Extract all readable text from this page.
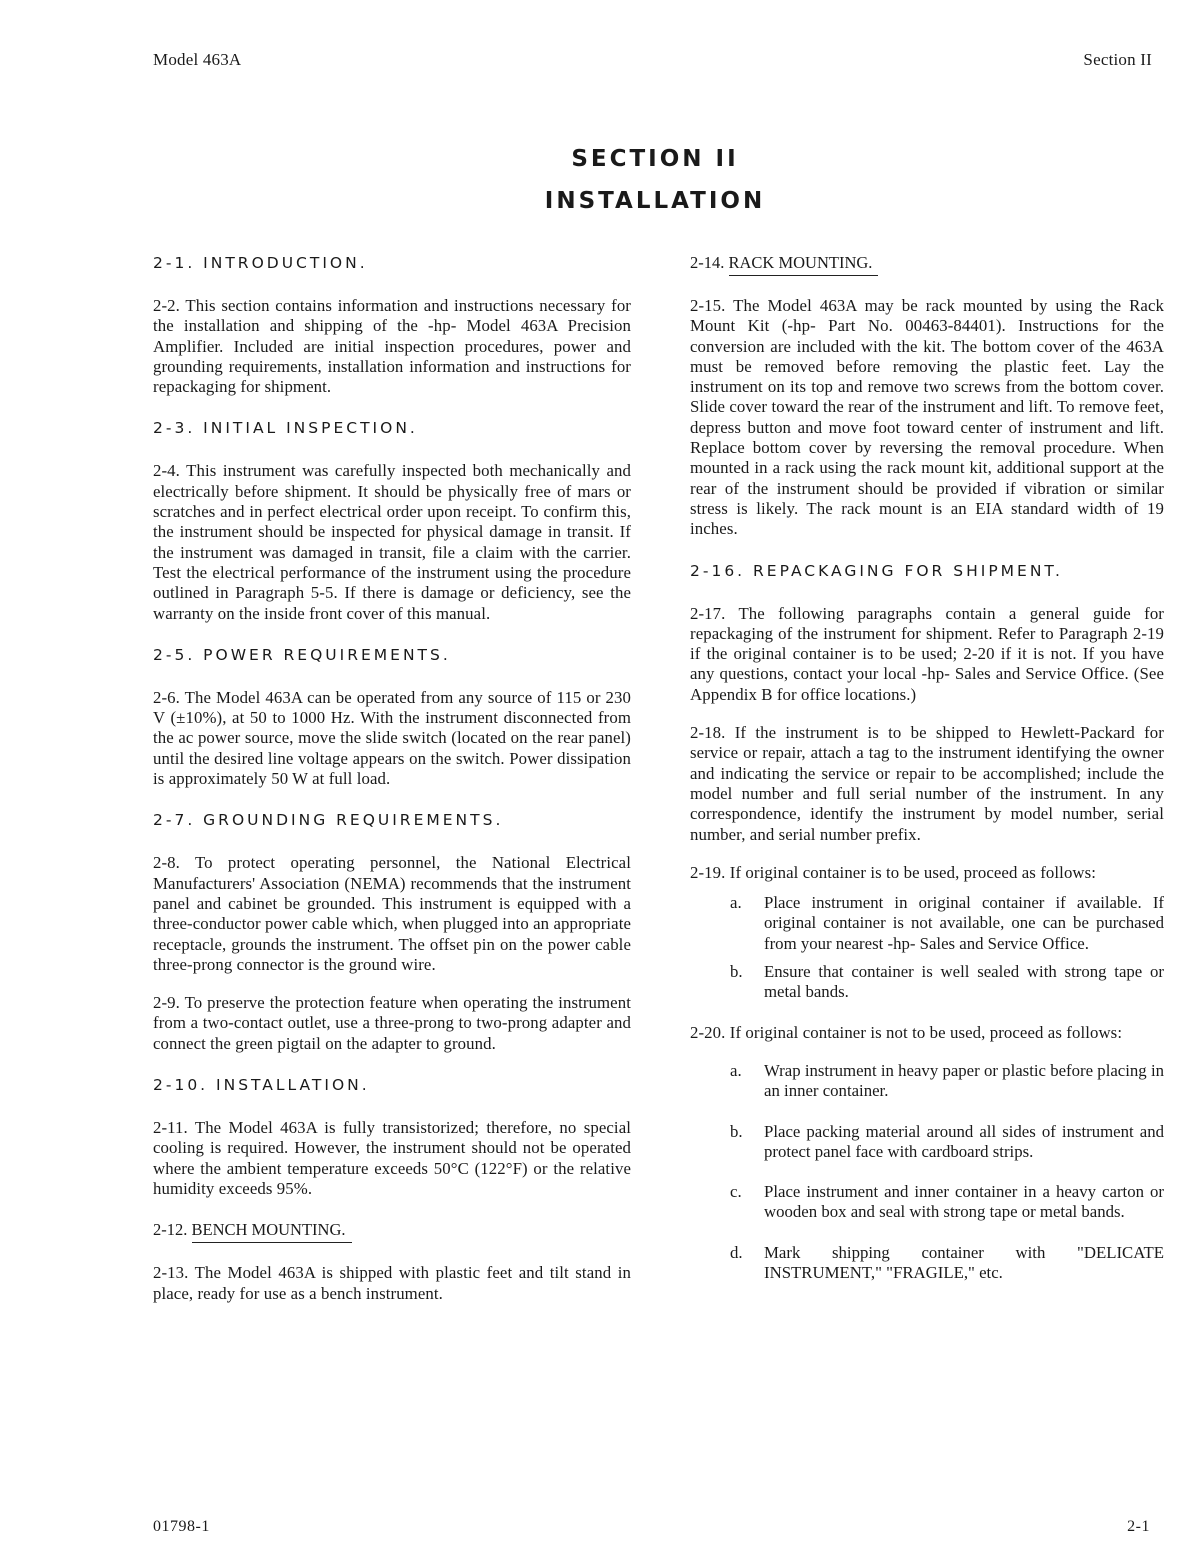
Model 463A	Section II
SECTION II
INSTALLATION
2-1. INTRODUCTION.

2-2. This section contains information and instructions necessary for the installation and shipping of the -hp- Model 463A Precision Amplifier. Included are initial inspection procedures, power and grounding requirements, installation information and instructions for repackaging for shipment.

2-3. INITIAL INSPECTION.

2-4. This instrument was carefully inspected both mechanically and electrically before shipment. It should be physically free of mars or scratches and in perfect electrical order upon receipt. To confirm this, the instrument should be inspected for physical damage in transit. If the instrument was damaged in transit, file a claim with the carrier. Test the electrical performance of the instrument using the procedure outlined in Paragraph 5-5. If there is damage or deficiency, see the warranty on the inside front cover of this manual.

2-5. POWER REQUIREMENTS.

2-6. The Model 463A can be operated from any source of 115 or 230 V (±10%), at 50 to 1000 Hz. With the instrument disconnected from the ac power source, move the slide switch (located on the rear panel) until the desired line voltage appears on the switch. Power dissipation is approximately 50 W at full load.

2-7. GROUNDING REQUIREMENTS.

2-8. To protect operating personnel, the National Electrical Manufacturers' Association (NEMA) recommends that the instrument panel and cabinet be grounded. This instrument is equipped with a three-conductor power cable which, when plugged into an appropriate receptacle, grounds the instrument. The offset pin on the power cable three-prong connector is the ground wire.

2-9. To preserve the protection feature when operating the instrument from a two-contact outlet, use a three-prong to two-prong adapter and connect the green pigtail on the adapter to ground.

2-10. INSTALLATION.

2-11. The Model 463A is fully transistorized; therefore, no special cooling is required. However, the instrument should not be operated where the ambient temperature exceeds 50°C (122°F) or the relative humidity exceeds 95%.

2-12. BENCH MOUNTING.

2-13. The Model 463A is shipped with plastic feet and tilt stand in place, ready for use as a bench instrument.

2-14. RACK MOUNTING.

2-15. The Model 463A may be rack mounted by using the Rack Mount Kit (-hp- Part No. 00463-84401). Instructions for the conversion are included with the kit. The bottom cover of the 463A must be removed before removing the plastic feet. Lay the instrument on its top and remove two screws from the bottom cover. Slide cover toward the rear of the instrument and lift. To remove feet, depress button and move foot toward center of instrument and lift. Replace bottom cover by reversing the removal procedure. When mounted in a rack using the rack mount kit, additional support at the rear of the instrument should be provided if vibration or similar stress is likely. The rack mount is an EIA standard width of 19 inches.

2-16. REPACKAGING FOR SHIPMENT.

2-17. The following paragraphs contain a general guide for repackaging of the instrument for shipment. Refer to Paragraph 2-19 if the original container is to be used; 2-20 if it is not. If you have any questions, contact your local -hp- Sales and Service Office. (See Appendix B for office locations.)

2-18. If the instrument is to be shipped to Hewlett-Packard for service or repair, attach a tag to the instrument identifying the owner and indicating the service or repair to be accomplished; include the model number and full serial number of the instrument. In any correspondence, identify the instrument by model number, serial number, and serial number prefix.

2-19. If original container is to be used, proceed as follows:

a. Place instrument in original container if available. If original container is not available, one can be purchased from your nearest -hp- Sales and Service Office.
b. Ensure that container is well sealed with strong tape or metal bands.

2-20. If original container is not to be used, proceed as follows:

a. Wrap instrument in heavy paper or plastic before placing in an inner container.
b. Place packing material around all sides of instrument and protect panel face with cardboard strips.
c. Place instrument and inner container in a heavy carton or wooden box and seal with strong tape or metal bands.
d. Mark shipping container with "DELICATE INSTRUMENT," "FRAGILE," etc.
01798-1	2-1
